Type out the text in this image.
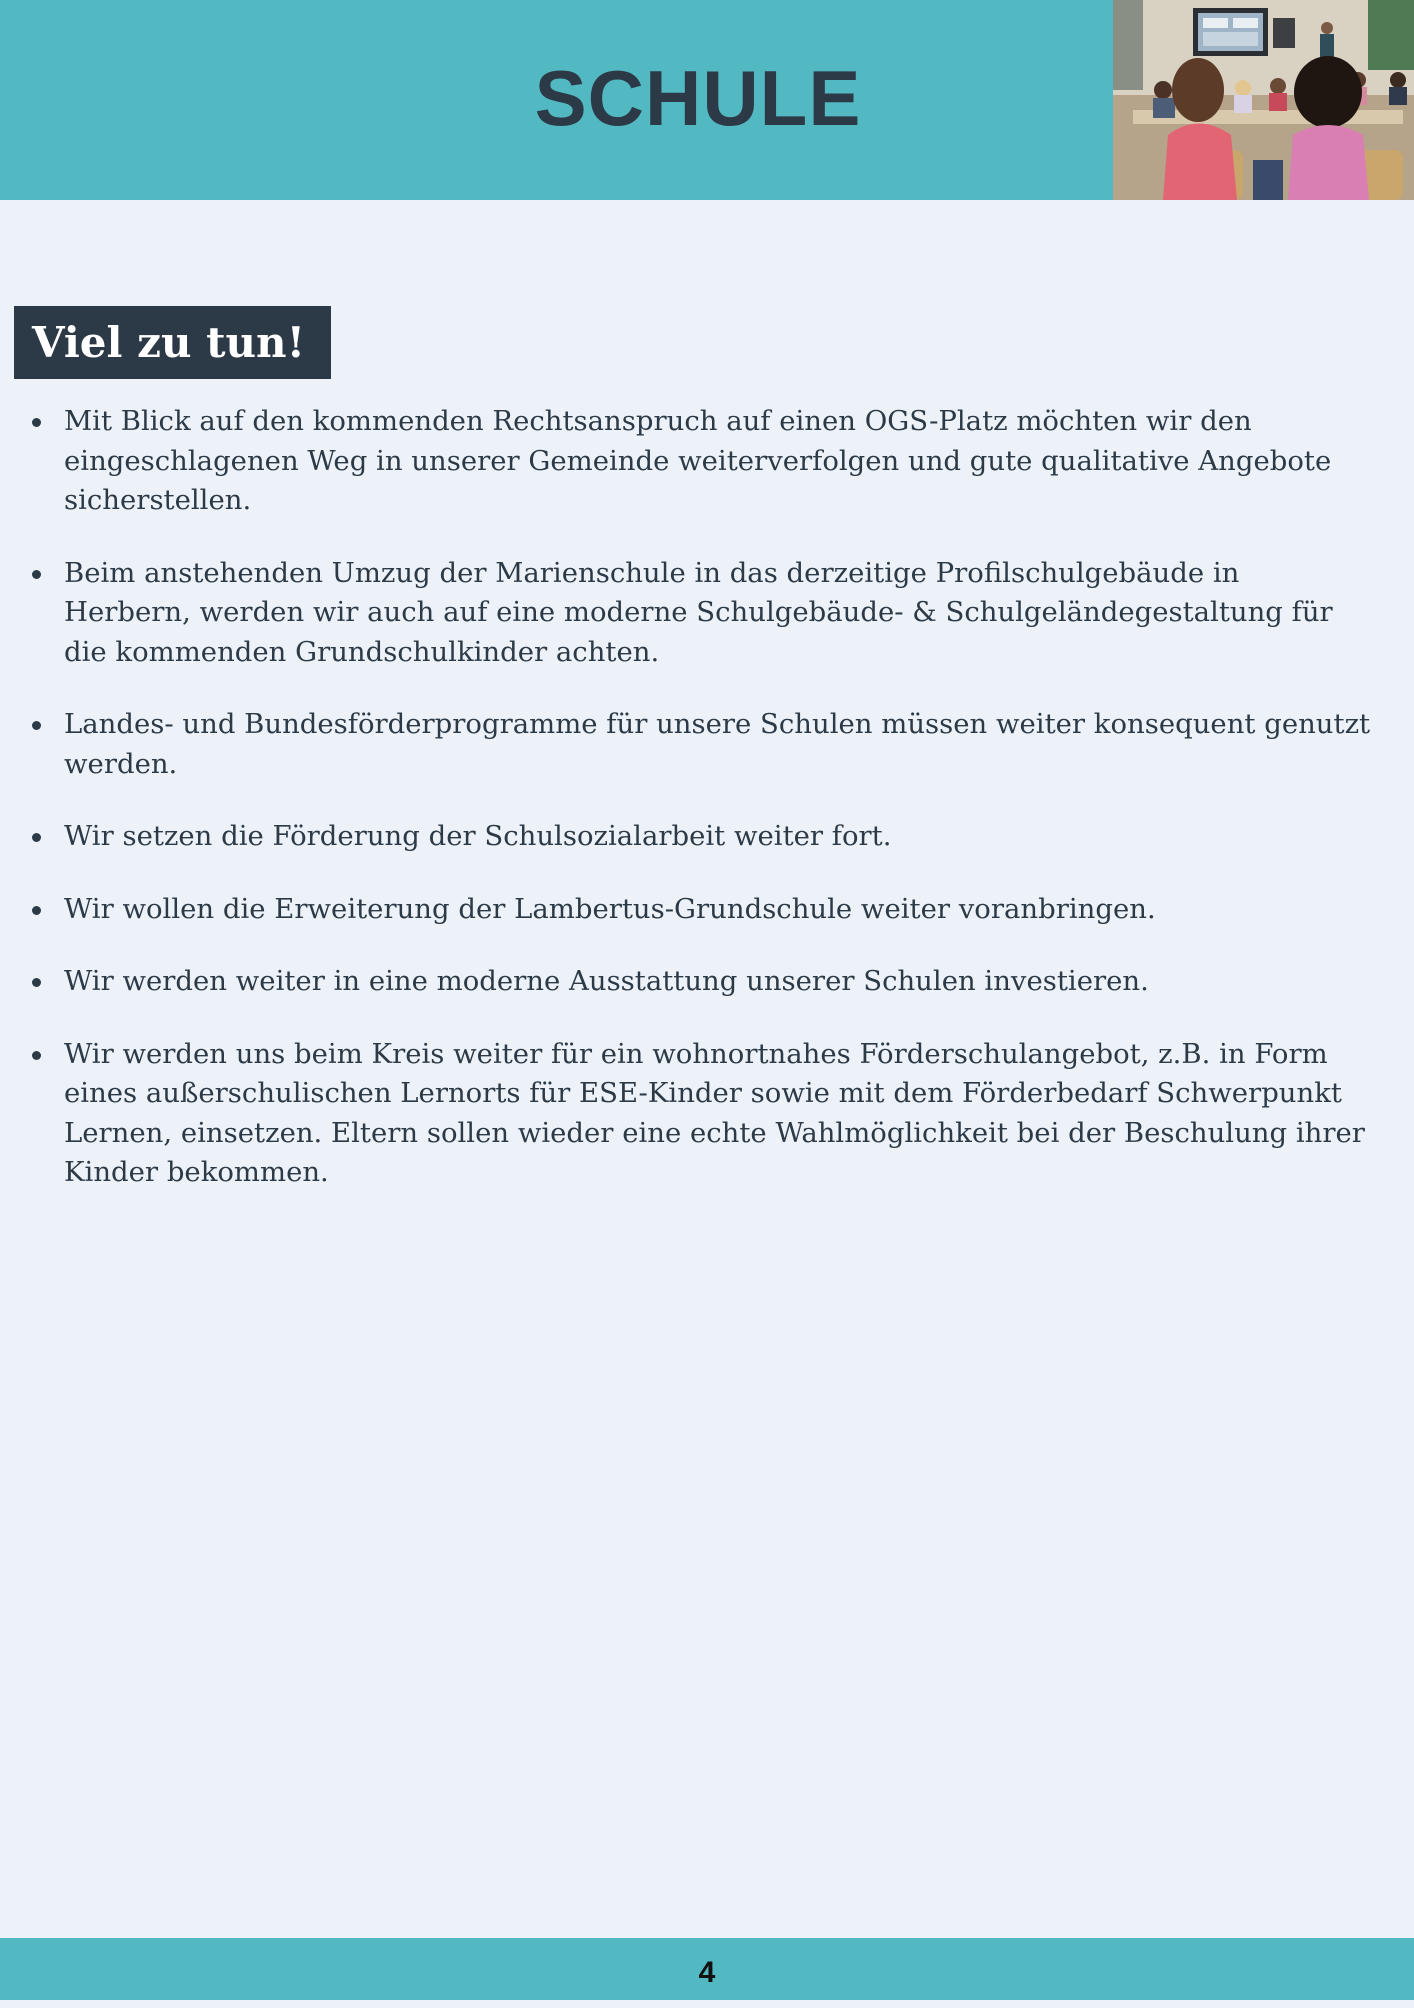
SCHULE
Viel zu tun!
Mit Blick auf den kommenden Rechtsanspruch auf einen OGS-Platz möchten wir den eingeschlagenen Weg in unserer Gemeinde weiterverfolgen und gute qualitative Angebote sicherstellen.
Beim anstehenden Umzug der Marienschule in das derzeitige Profilschulgebäude in Herbern, werden wir auch auf eine moderne Schulgebäude- & Schulgeländegestaltung für die kommenden Grundschulkinder achten.
Landes- und Bundesförderprogramme für unsere Schulen müssen weiter konsequent genutzt werden.
Wir setzen die Förderung der Schulsozialarbeit weiter fort.
Wir wollen die Erweiterung der Lambertus-Grundschule weiter voranbringen.
Wir werden weiter in eine moderne Ausstattung unserer Schulen investieren.
Wir werden uns beim Kreis weiter für ein wohnortnahes Förderschulangebot, z.B. in Form eines außerschulischen Lernorts für ESE-Kinder sowie mit dem Förderbedarf Schwerpunkt Lernen, einsetzen. Eltern sollen wieder eine echte Wahlmöglichkeit bei der Beschulung ihrer Kinder bekommen.
4
